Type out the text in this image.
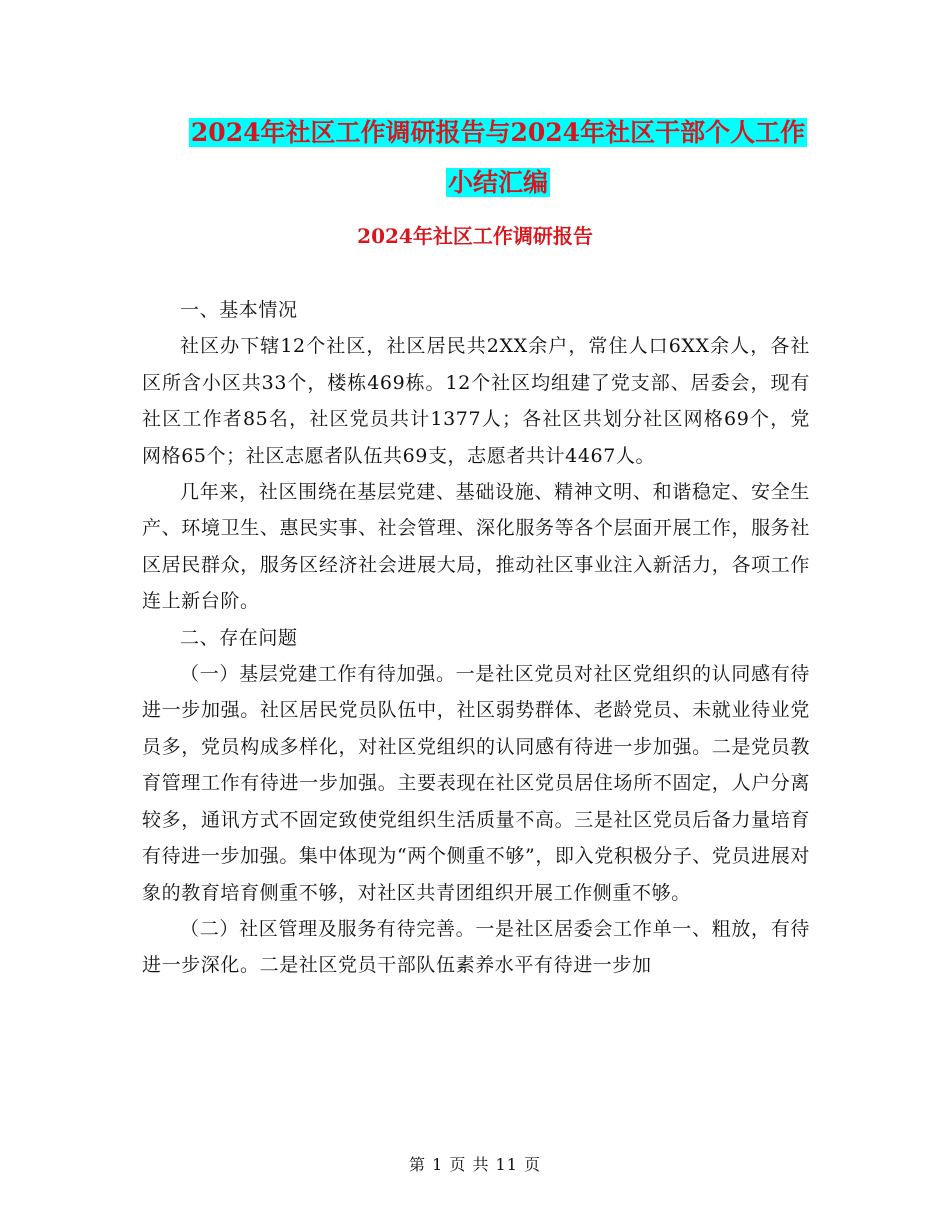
2024年社区工作调研报告与2024年社区干部个人工作
小结汇编
2024年社区工作调研报告

一、基本情况

社区办下辖12个社区，社区居民共2XX余户，常住人口6XX余人，各社区所含小区共33个，楼栋469栋。12个社区均组建了党支部、居委会，现有社区工作者85名，社区党员共计1377人；各社区共划分社区网格69个，党网格65个；社区志愿者队伍共69支，志愿者共计4467人。

几年来，社区围绕在基层党建、基础设施、精神文明、和谐稳定、安全生产、环境卫生、惠民实事、社会管理、深化服务等各个层面开展工作，服务社区居民群众，服务区经济社会进展大局，推动社区事业注入新活力，各项工作连上新台阶。

二、存在问题

（一）基层党建工作有待加强。一是社区党员对社区党组织的认同感有待进一步加强。社区居民党员队伍中，社区弱势群体、老龄党员、未就业待业党员多，党员构成多样化，对社区党组织的认同感有待进一步加强。二是党员教育管理工作有待进一步加强。主要表现在社区党员居住场所不固定，人户分离较多，通讯方式不固定致使党组织生活质量不高。三是社区党员后备力量培育有待进一步加强。集中体现为“两个侧重不够”，即入党积极分子、党员进展对象的教育培育侧重不够，对社区共青团组织开展工作侧重不够。

（二）社区管理及服务有待完善。一是社区居委会工作单一、粗放，有待进一步深化。二是社区党员干部队伍素养水平有待进一步加

第 1 页 共 11 页
